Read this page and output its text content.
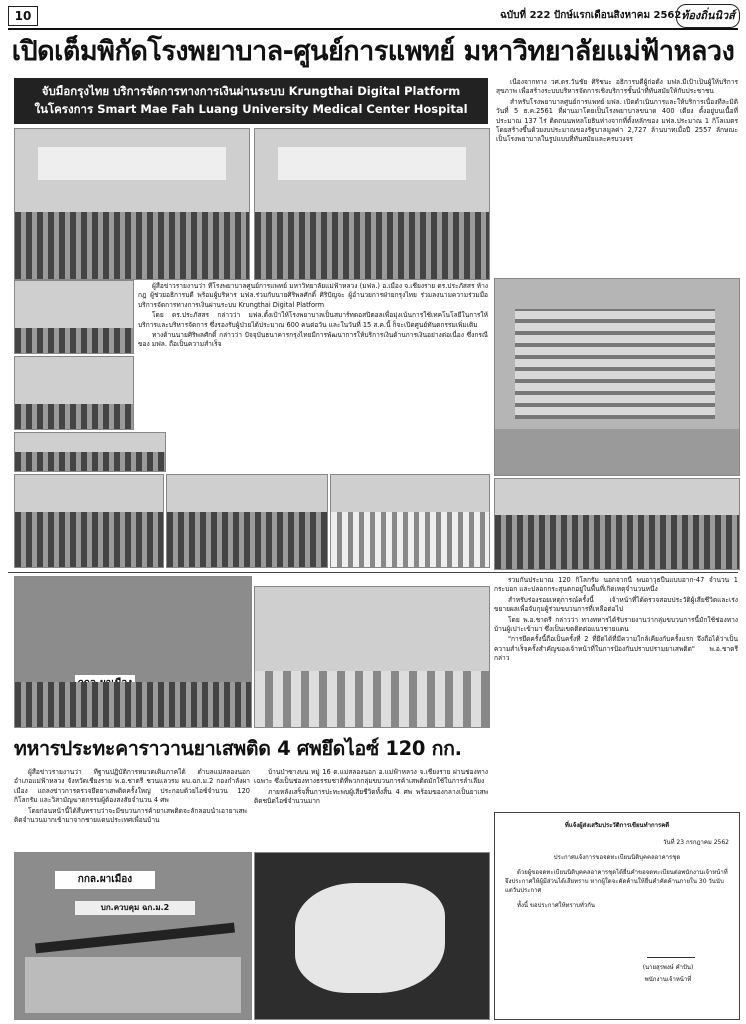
10	ฉบับที่ 222 ปักษ์แรกเดือนสิงหาคม 2562 ท้องถิ่นนิวส์
เปิดเต็มพิกัดโรงพยาบาล-ศูนย์การแพทย์ มหาวิทยาลัยแม่ฟ้าหลวง
จับมือกรุงไทย บริการจัดการทางการเงินผ่านระบบ Krungthai Digital Platform
ในโครงการ Smart Mae Fah Luang University Medical Center Hospital

เนื่องจากทาง วศ.ดร.วันชัย ศิริชนะ อธิการบดีผู้ก่อตั้ง มฟล.มีเป้าเป็นผู้ให้บริการสุขภาพ เพื่อสร้างระบบบริหารจัดการเชิงบริการชั้นนำที่ทันสมัยให้กับประชาชน

สำหรับโรงพยาบาลศูนย์การแพทย์ มฟล. เปิดดำเนินการและให้บริการเนื่องทีละมิติ วันที่ 5 ธ.ค.2561 ที่ผ่านมาโดยเป็นโรงพยาบาลขนาด 400 เตียง ตั้งอยู่บนเนื้อที่ประมาณ 137 ไร่ ติดถนนพหลโยธินห่างจากที่ตั้งหลักของ มฟล.ประมาณ 1 กิโลเมตร โดยสร้างขึ้นด้วยงบประมาณของรัฐบาลมูลค่า 2,727 ล้านบาทเมื่อปี 2557 ลักษณะเป็นโรงพยาบาลในรูปแบบที่ทันสมัยและครบวงจร

ผู้สื่อข่าวรายงานว่า ที่โรงพยาบาลศูนย์การแพทย์ มหาวิทยาลัยแม่ฟ้าหลวง (มฟล.) อ.เมือง จ.เชียงราย ดร.ประภัสสร ห้างกฎ ผู้ช่วยอธิการบดี พร้อมผู้บริหาร มฟล.ร่วมกับนายศิริพลศักดิ์ ศิริปัญจะ ผู้อำนวยการฝ่ายกรุงไทย ร่วมลงนามความร่วมมือบริการจัดการทางการเงินผ่านระบบ Krungthai Digital Platform

โดย ดร.ประภัสสร กล่าวว่า มฟล.ตั้งเป้าให้โรงพยาบาลเป็นสมาร์ทดอสปิตอลเพื่อมุ่งเน้นการใช้เทคโนโลยีในการให้บริการและบริหารจัดการ ซึ่งรองรับผู้ป่วยได้ประมาณ 600 คนต่อวัน และในวันที่ 15 ส.ค.นี้ ก็จะเปิดศูนย์ทันตกรรมเพิ่มเติม

ทางด้านนายศิริพลศักดิ์ กล่าวว่า ปัจจุบันธนาคารกรุงไทยมีการพัฒนาการให้บริการเงินด้านการเงินอย่างต่อเนื่อง ซึ่งกรณีของ มฟล. ถือเป็นความสำเร็จ

ทหารประทะคาราวานยาเสพติด 4 ศพยึดไอซ์ 120 กก.

ผู้สื่อข่าวรายงานว่า ที่ฐานปฏิบัติการหมวดเดิมภาคใต้ ตำบลแม่สลองนอก อำเภอแม่ฟ้าหลวง จังหวัดเชียงราย พ.อ.ชาตรี ชวนแลวรม ผบ.ฉก.ม.2 กองกำลังผาเมือง แถลงข่าวการตรวจยึดยาเสพติดครั้งใหญ่ ประกอบด้วยไอซ์จำนวน 120 กิโลกรัม และวิสามัญฆาตกรรมผู้ต้องสงสัยจำนวน 4 ศพ

โดยก่อนหน้านี้ได้สืบทราบว่าจะมีขบวนการค้ายาเสพติดจะลักลอบนำเอายาเสพติดจำนวนมากเข้ามาจากชายแดนประเทศเพื่อนบ้าน

บ้านป่าซางบน หมู่ 16 ต.แม่สลองนอก อ.แม่ฟ้าหลวง จ.เชียงราย ผ่านช่องทางเฉพาะ ซึ่งเป็นช่องทางธรรมชาติที่พวกกลุ่มขบวนการค้าเสพติดมักใช้ในการลำเลียง

ภายหลังเสร็จสิ้นการปะทะพบผู้เสียชีวิตทั้งสิ้น 4 ศพ พร้อมของกลางเป็นยาเสพติดชนิดไอซ์จำนวนมาก

รวมกันประมาณ 120 กิโลกรัม นอกจากนี้ พบอาวุธปืนแบบอาก-47 จำนวน 1 กระบอก และปลอกกระสุนตกอยู่ในพื้นที่เกิดเหตุจำนวนหนึ่ง

สำหรับร่องรอยเหตุการณ์ครั้งนี้ เจ้าหน้าที่ได้ตรวจสอบประวัติผู้เสียชีวิตและเร่งขยายผลเพื่อจับกุมผู้ร่วมขบวนการที่เหลือต่อไป

โดย พ.อ.ชาตรี กล่าวว่า ทางทหารได้รับรายงานว่ากลุ่มขบวนการนี้มักใช้ช่องทางบ้านผู้เปาะเข้ามา ซึ่งเป็นเขตติดต่อแนวชายแดน

"การยึดครั้งนี้ถือเป็นครั้งที่ 2 ที่ยึดได้ที่มีความใกล้เคียงกับครั้งแรก จึงถือได้ว่าเป็นความสำเร็จครั้งสำคัญของเจ้าหน้าที่ในการป้องกันปราบปรามยาเสพติด" พ.อ.ชาตรี กล่าว

กกล.ผาเมือง
บก.ควบคุม ฉก.ม.2
ที่แจ้งผู้ส่งเสริมประวัติการเขียนทำการคดี
วันที่ 23 กรกฎาคม 2562
ประกาศแจ้งการขอจดทะเบียนนิติบุคคลอาคารชุด
ด้วยผู้ขอจดทะเบียนนิติบุคคลอาคารชุดได้ยื่นคำขอจดทะเบียนต่อพนักงานเจ้าหน้าที่ จึงประกาศให้ผู้มีส่วนได้เสียทราบ หากผู้ใดจะคัดค้านให้ยื่นคำคัดค้านภายใน 30 วันนับแต่วันประกาศ
ทั้งนี้ ขอประกาศให้ทราบทั่วกัน
(นายสุรพงษ์ คำปัน)
พนักงานเจ้าหน้าที่
